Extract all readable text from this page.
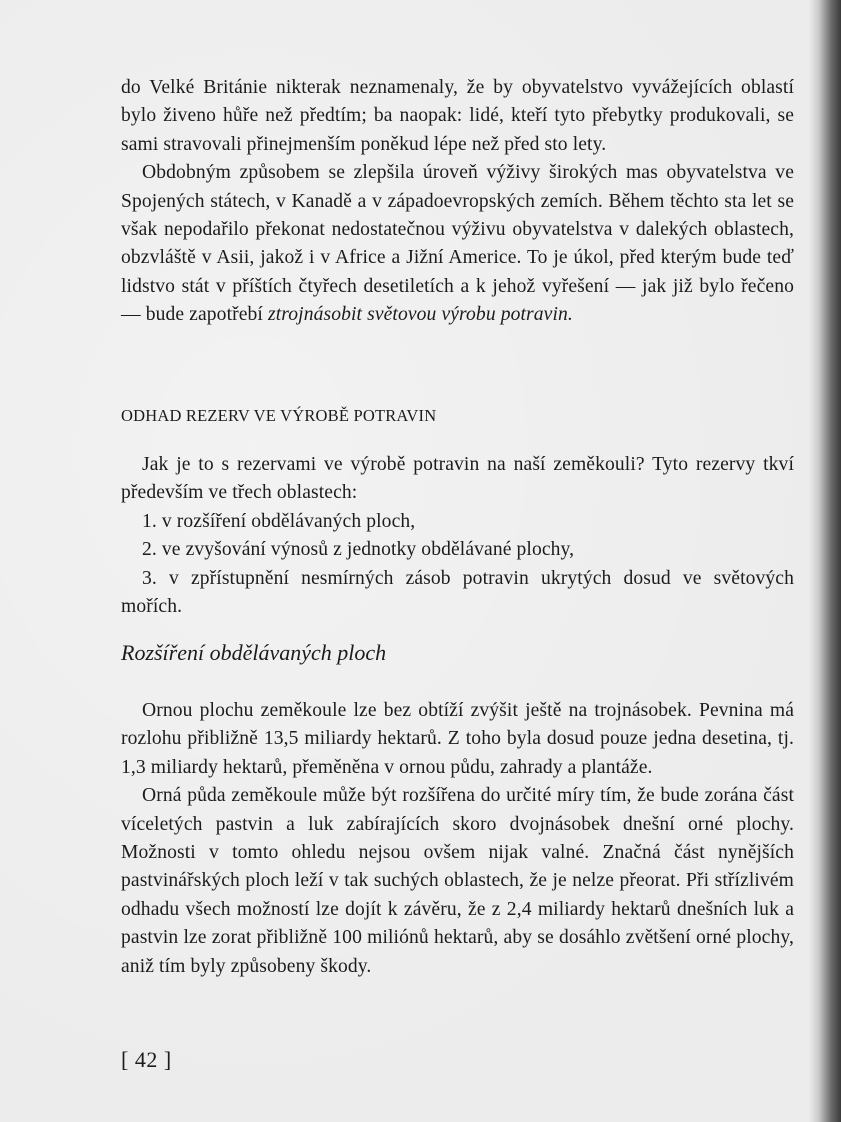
do Velké Británie nikterak neznamenaly, že by obyvatelstvo vyvážejících oblastí bylo živeno hůře než předtím; ba naopak: lidé, kteří tyto přebytky produkovali, se sami stravovali přinejmenším poněkud lépe než před sto lety.

Obdobným způsobem se zlepšila úroveň výživy širokých mas obyvatelstva ve Spojených státech, v Kanadě a v západoevropských zemích. Během těchto sta let se však nepodařilo překonat nedostatečnou výživu obyvatelstva v dalekých oblastech, obzvláště v Asii, jakož i v Africe a Jižní Americe. To je úkol, před kterým bude teď lidstvo stát v příštích čtyřech desetiletích a k jehož vyřešení — jak již bylo řečeno — bude zapotřebí ztrojnásobit světovou výrobu potravin.

ODHAD REZERV VE VÝROBĚ POTRAVIN

Jak je to s rezervami ve výrobě potravin na naší zeměkouli? Tyto rezervy tkví především ve třech oblastech:

1. v rozšíření obdělávaných ploch,
2. ve zvyšování výnosů z jednotky obdělávané plochy,
3. v zpřístupnění nesmírných zásob potravin ukrytých dosud ve světových mořích.
Rozšíření obdělávaných ploch

Ornou plochu zeměkoule lze bez obtíží zvýšit ještě na trojnásobek. Pevnina má rozlohu přibližně 13,5 miliardy hektarů. Z toho byla dosud pouze jedna desetina, tj. 1,3 miliardy hektarů, přeměněna v ornou půdu, zahrady a plantáže.

Orná půda zeměkoule může být rozšířena do určité míry tím, že bude zorána část víceletých pastvin a luk zabírajících skoro dvojnásobek dnešní orné plochy. Možnosti v tomto ohledu nejsou ovšem nijak valné. Značná část nynějších pastvinářských ploch leží v tak suchých oblastech, že je nelze přeorat. Při střízlivém odhadu všech možností lze dojít k závěru, že z 2,4 miliardy hektarů dnešních luk a pastvin lze zorat přibližně 100 miliónů hektarů, aby se dosáhlo zvětšení orné plochy, aniž tím byly způsobeny škody.

[ 42 ]
